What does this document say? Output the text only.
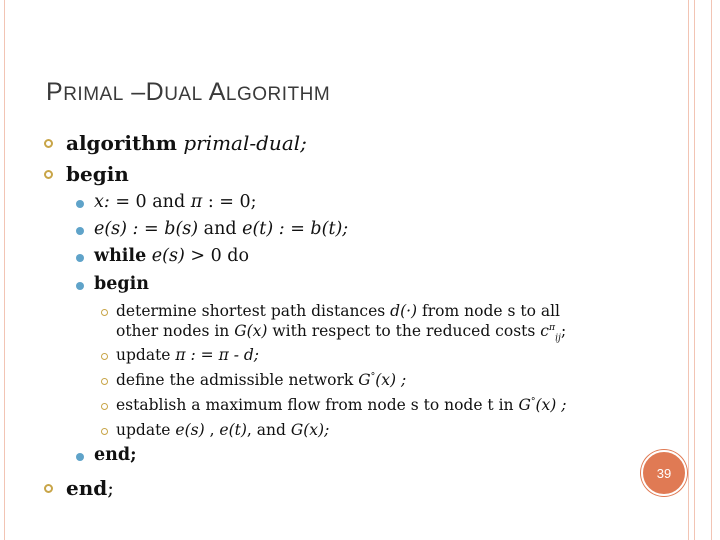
PRIMAL –DUAL ALGORITHM
algorithm primal-dual;
begin
x: = 0 and π : = 0;
e(s) : = b(s) and e(t) : = b(t);
while e(s) > 0 do
begin
determine shortest path distances d(·) from node s to all
other nodes in G(x) with respect to the reduced costs $c^\pi_{ij}$;
update π : = π - d;
define the admissible network G°(x) ;
establish a maximum flow from node s to node t in G°(x) ;
update e(s) , e(t), and G(x);
end;
end;
39
